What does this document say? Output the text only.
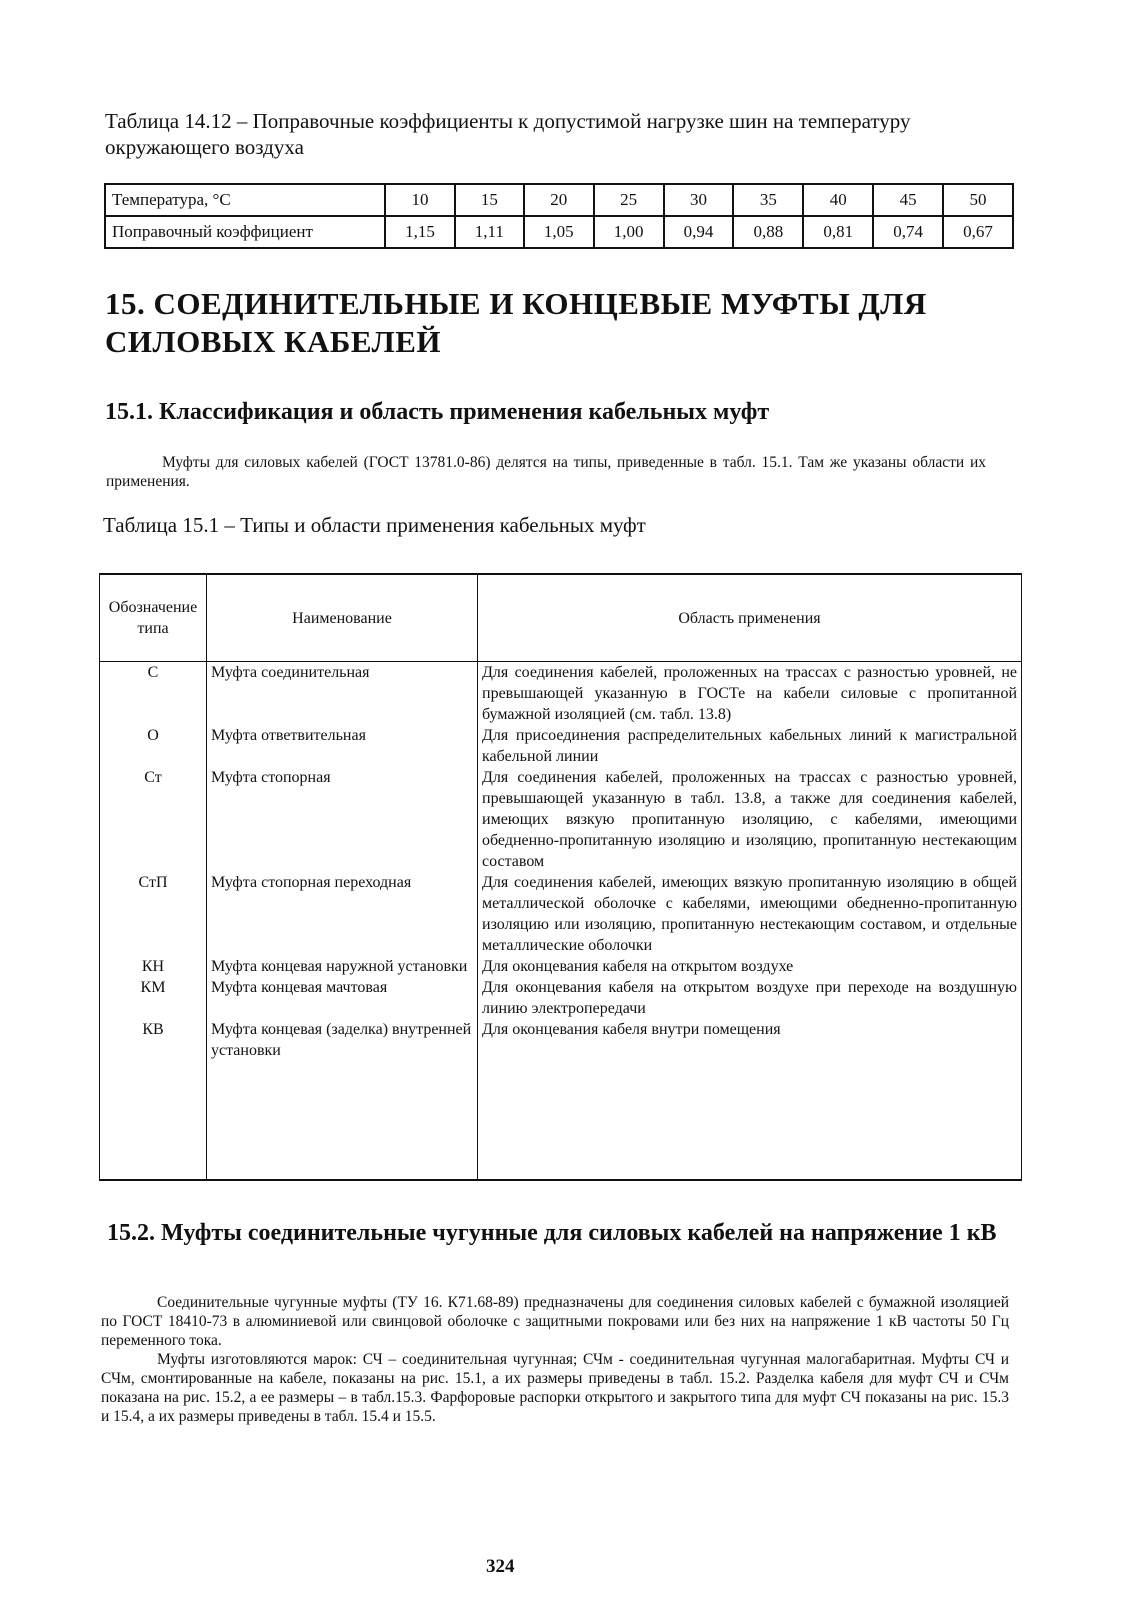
Таблица 14.12 – Поправочные коэффициенты к допустимой нагрузке шин на температуру окружающего воздуха
Температура, °С	10	15	20	25	30	35	40	45	50
Поправочный коэффициент	1,15	1,11	1,05	1,00	0,94	0,88	0,81	0,74	0,67
15. СОЕДИНИТЕЛЬНЫЕ И КОНЦЕВЫЕ МУФТЫ ДЛЯ СИЛОВЫХ КАБЕЛЕЙ
15.1. Классификация и область применения кабельных муфт

Муфты для силовых кабелей (ГОСТ 13781.0-86) делятся на типы, приведенные в табл. 15.1. Там же указаны области их применения.

Таблица 15.1 – Типы и области применения кабельных муфт
Обозначение типа	Наименование	Область применения
С	Муфта соединительная	Для соединения кабелей, проложенных на трассах с разностью уровней, не превышающей указанную в ГОСТе на кабели силовые с пропитанной бумажной изоляцией (см. табл. 13.8)
О	Муфта ответвительная	Для присоединения распределительных кабельных линий к магистральной кабельной линии
Ст	Муфта стопорная	Для соединения кабелей, проложенных на трассах с разностью уровней, превышающей указанную в табл. 13.8, а также для соединения кабелей, имеющих вязкую пропитанную изоляцию, с кабелями, имеющими обедненно-пропитанную изоляцию и изоляцию, пропитанную нестекающим составом
СтП	Муфта стопорная переходная	Для соединения кабелей, имеющих вязкую пропитанную изоляцию в общей металлической оболочке с кабелями, имеющими обедненно-пропитанную изоляцию или изоляцию, пропитанную нестекающим составом, и отдельные металлические оболочки
КН	Муфта концевая наружной установки	Для оконцевания кабеля на открытом воздухе
КМ	Муфта концевая мачтовая	Для оконцевания кабеля на открытом воздухе при переходе на воздушную линию электропередачи
КВ	Муфта концевая (заделка) внутренней установки	Для оконцевания кабеля внутри помещения

15.2. Муфты соединительные чугунные для силовых кабелей на напряжение 1 кВ

Соединительные чугунные муфты (ТУ 16. К71.68-89) предназначены для соединения силовых кабелей с бумажной изоляцией по ГОСТ 18410-73 в алюминиевой или свинцовой оболочке с защитными покровами или без них на напряжение 1 кВ частоты 50 Гц переменного тока.

Муфты изготовляются марок: СЧ – соединительная чугунная; СЧм - соединительная чугунная малогабаритная. Муфты СЧ и СЧм, смонтированные на кабеле, показаны на рис. 15.1, а их размеры приведены в табл. 15.2. Разделка кабеля для муфт СЧ и СЧм показана на рис. 15.2, а ее размеры – в табл.15.3. Фарфоровые распорки открытого и закрытого типа для муфт СЧ показаны на рис. 15.3 и 15.4, а их размеры приведены в табл. 15.4 и 15.5.

324
